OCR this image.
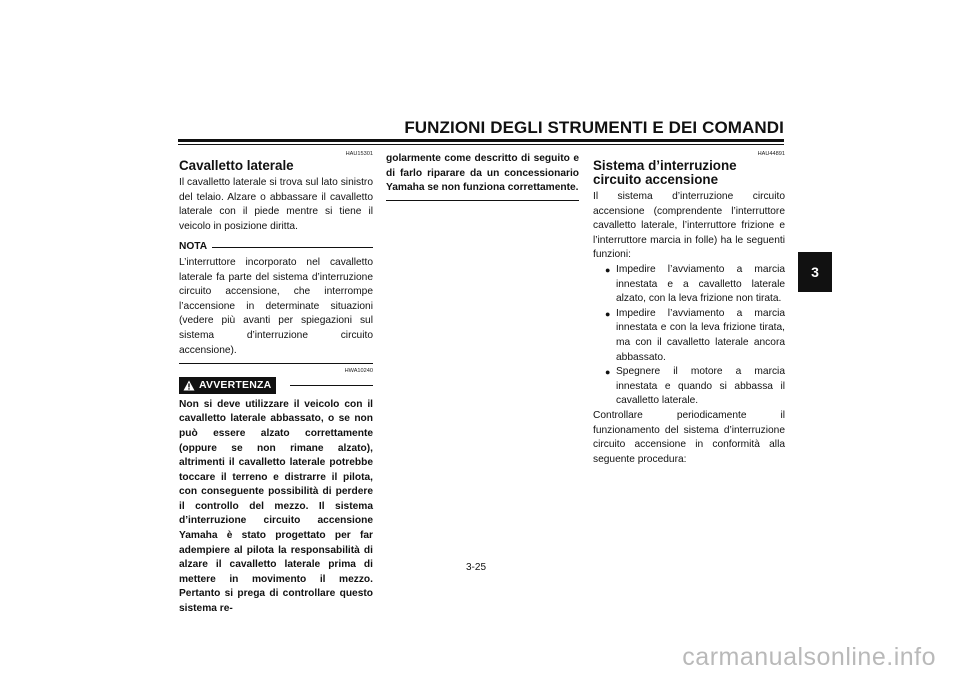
FUNZIONI DEGLI STRUMENTI E DEI COMANDI
3
HAU15301
Cavalletto laterale

Il cavalletto laterale si trova sul lato sinistro del telaio. Alzare o abbassare il cavalletto laterale con il piede mentre si tiene il veicolo in posizione diritta.

NOTA

L’interruttore incorporato nel cavalletto laterale fa parte del sistema d’interruzione circuito accensione, che interrompe l’accensione in determinate situazioni (vedere più avanti per spiegazioni sul sistema d’interruzione circuito accensione).

HWA10240
AVVERTENZA

Non si deve utilizzare il veicolo con il cavalletto laterale abbassato, o se non può essere alzato correttamente (oppure se non rimane alzato), altrimenti il cavalletto laterale potrebbe toccare il terreno e distrarre il pilota, con conseguente possibilità di perdere il controllo del mezzo. Il sistema d’interruzione circuito accensione Yamaha è stato progettato per far adempiere al pilota la responsabilità di alzare il cavalletto laterale prima di mettere in movimento il mezzo. Pertanto si prega di controllare questo sistema re-

golarmente come descritto di seguito e di farlo riparare da un concessionario Yamaha se non funziona correttamente.

HAU44891
Sistema d’interruzione circuito accensione

Il sistema d’interruzione circuito accensione (comprendente l’interruttore cavalletto laterale, l’interruttore frizione e l’interruttore marcia in folle) ha le seguenti funzioni:

● Impedire l’avviamento a marcia innestata e a cavalletto laterale alzato, con la leva frizione non tirata.
● Impedire l’avviamento a marcia innestata e con la leva frizione tirata, ma con il cavalletto laterale ancora abbassato.
● Spegnere il motore a marcia innestata e quando si abbassa il cavalletto laterale.

Controllare periodicamente il funzionamento del sistema d’interruzione circuito accensione in conformità alla seguente procedura:

3-25
carmanualsonline.info
